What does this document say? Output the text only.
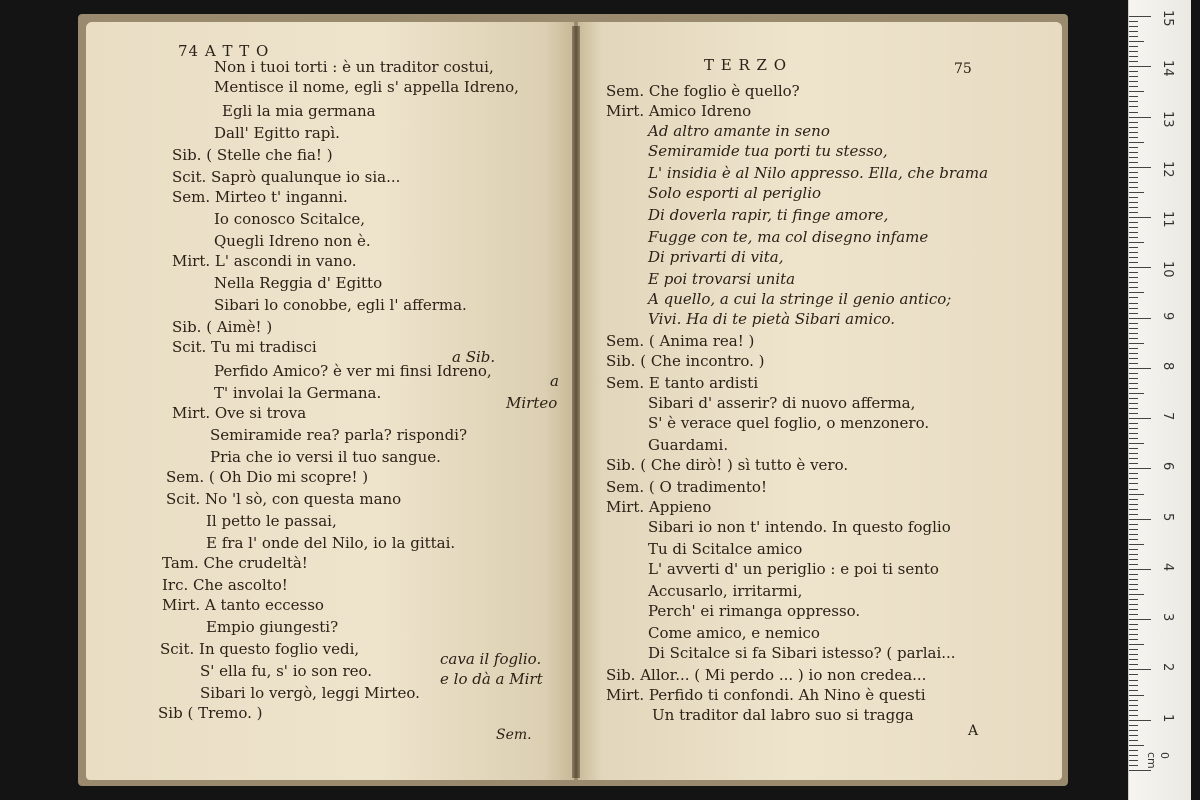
74 A T T O

T E R Z O	75

Non i tuoi torti : è un traditor costui,

Mentisce il nome, egli s' appella Idreno,

Egli la mia germana

Dall' Egitto rapì.

Sib. ( Stelle che fia! )

Scit. Saprò qualunque io sia...

Sem. Mirteo t' inganni.

Io conosco Scitalce,

Quegli Idreno non è.

Mirt. L' ascondi in vano.

Nella Reggia d' Egitto

Sibari lo conobbe, egli l' afferma.

Sib. ( Aimè! )

Scit. Tu mi tradisci

a Sib.

Perfido Amico? è ver mi finsi Idreno,

a

T' involai la Germana.

Mirteo

Mirt. Ove si trova

Semiramide rea? parla? rispondi?

Pria che io versi il tuo sangue.

Sem. ( Oh Dio mi scopre! )

Scit. No 'l sò, con questa mano

Il petto le passai,

E fra l' onde del Nilo, io la gittai.

Tam. Che crudeltà!

Irc. Che ascolto!

Mirt. A tanto eccesso

Empio giungesti?

Scit. In questo foglio vedi,

cava il foglio.

S' ella fu, s' io son reo.	e lo dà a Mirt

Sibari lo vergò, leggi Mirteo.

Sib ( Tremo. )

Sem. Che foglio è quello?

Mirt. Amico Idreno

Ad altro amante in seno

Semiramide tua porti tu stesso,

L' insidia è al Nilo appresso. Ella, che brama

Solo esporti al periglio

Di doverla rapir, ti finge amore,

Fugge con te, ma col disegno infame

Di privarti di vita,

E poi trovarsi unita

A quello, a cui la stringe il genio antico;

Vivi. Ha di te pietà Sibari amico.

Sem. ( Anima rea! )

Sib. ( Che incontro. )

Sem. E tanto ardisti

Sibari d' asserir? di nuovo afferma,

S' è verace quel foglio, o menzonero.

Guardami.

Sib. ( Che dirò! ) sì tutto è vero.

Sem. ( O tradimento!

Mirt. Appieno

Sibari io non t' intendo. In questo foglio

Tu di Scitalce amico

L' avverti d' un periglio : e poi ti sento

Accusarlo, irritarmi,

Perch' ei rimanga oppresso.

Come amico, e nemico

Di Scitalce si fa Sibari istesso? ( parlai...

Sib. Allor... ( Mi perdo ... ) io non credea...

Mirt. Perfido ti confondi. Ah Nino è questi

Un traditor dal labro suo si tragga

Sem.	A

1
2
3
4
5
6
7
8
9
10
11
12
13
14
15
0 cm
